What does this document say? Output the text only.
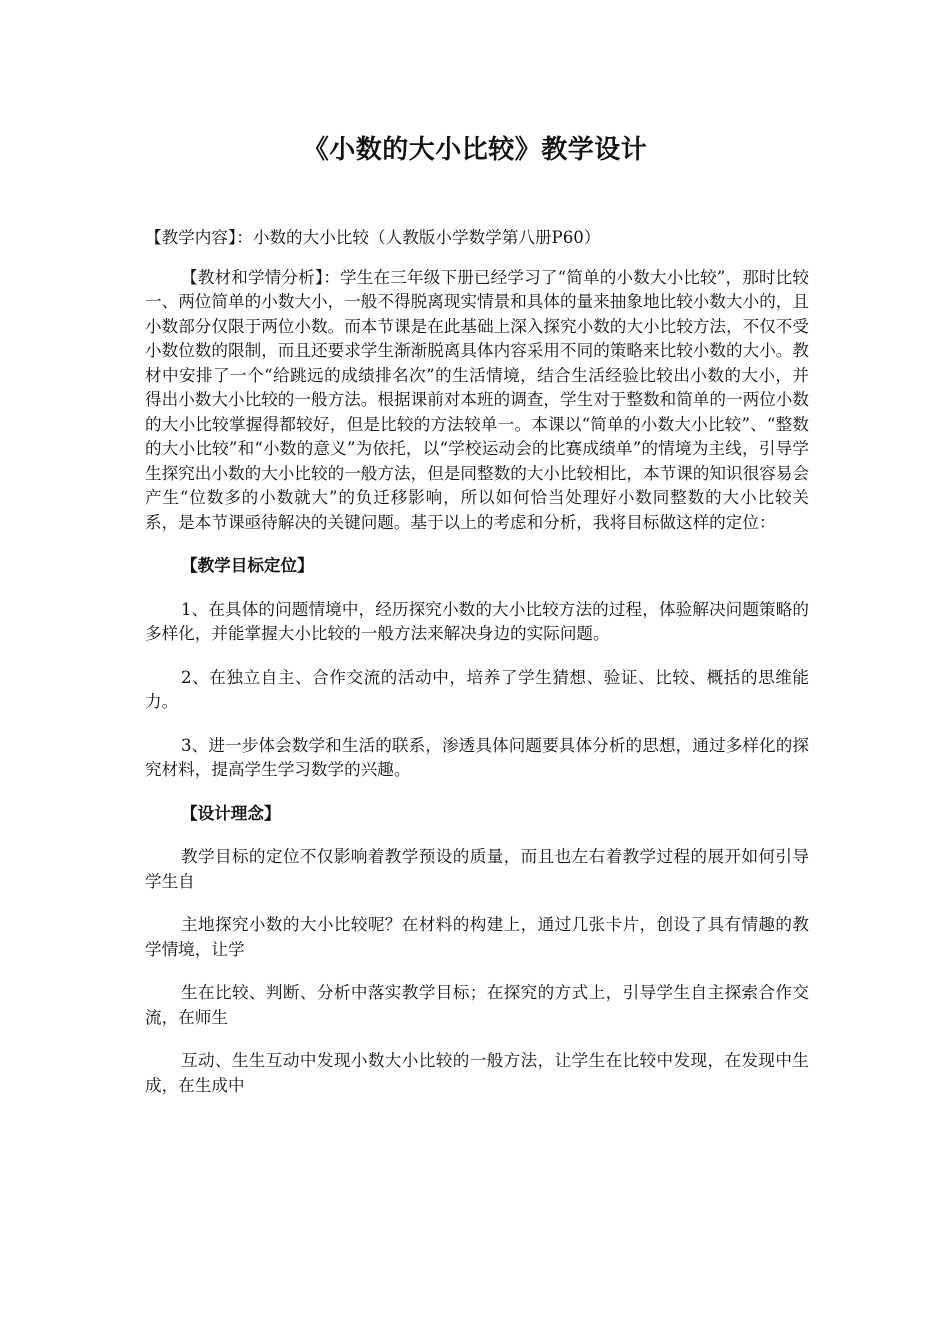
《小数的大小比较》教学设计

【教学内容】：小数的大小比较（人教版小学数学第八册P60）

【教材和学情分析】：学生在三年级下册已经学习了“简单的小数大小比较”，那时比较一、两位简单的小数大小，一般不得脱离现实情景和具体的量来抽象地比较小数大小的，且小数部分仅限于两位小数。而本节课是在此基础上深入探究小数的大小比较方法，不仅不受小数位数的限制，而且还要求学生渐渐脱离具体内容采用不同的策略来比较小数的大小。教材中安排了一个“给跳远的成绩排名次”的生活情境，结合生活经验比较出小数的大小，并得出小数大小比较的一般方法。根据课前对本班的调查，学生对于整数和简单的一两位小数的大小比较掌握得都较好，但是比较的方法较单一。本课以“简单的小数大小比较”、“整数的大小比较”和“小数的意义”为依托，以“学校运动会的比赛成绩单”的情境为主线，引导学生探究出小数的大小比较的一般方法，但是同整数的大小比较相比，本节课的知识很容易会产生“位数多的小数就大”的负迁移影响，所以如何恰当处理好小数同整数的大小比较关系，是本节课亟待解决的关键问题。基于以上的考虑和分析，我将目标做这样的定位：

【教学目标定位】

1、在具体的问题情境中，经历探究小数的大小比较方法的过程，体验解决问题策略的多样化，并能掌握大小比较的一般方法来解决身边的实际问题。

2、在独立自主、合作交流的活动中，培养了学生猜想、验证、比较、概括的思维能力。

3、进一步体会数学和生活的联系，渗透具体问题要具体分析的思想，通过多样化的探究材料，提高学生学习数学的兴趣。

【设计理念】

教学目标的定位不仅影响着教学预设的质量，而且也左右着教学过程的展开如何引导学生自

主地探究小数的大小比较呢？在材料的构建上，通过几张卡片，创设了具有情趣的教学情境，让学

生在比较、判断、分析中落实教学目标；在探究的方式上，引导学生自主探索合作交流，在师生

互动、生生互动中发现小数大小比较的一般方法，让学生在比较中发现，在发现中生成，在生成中
